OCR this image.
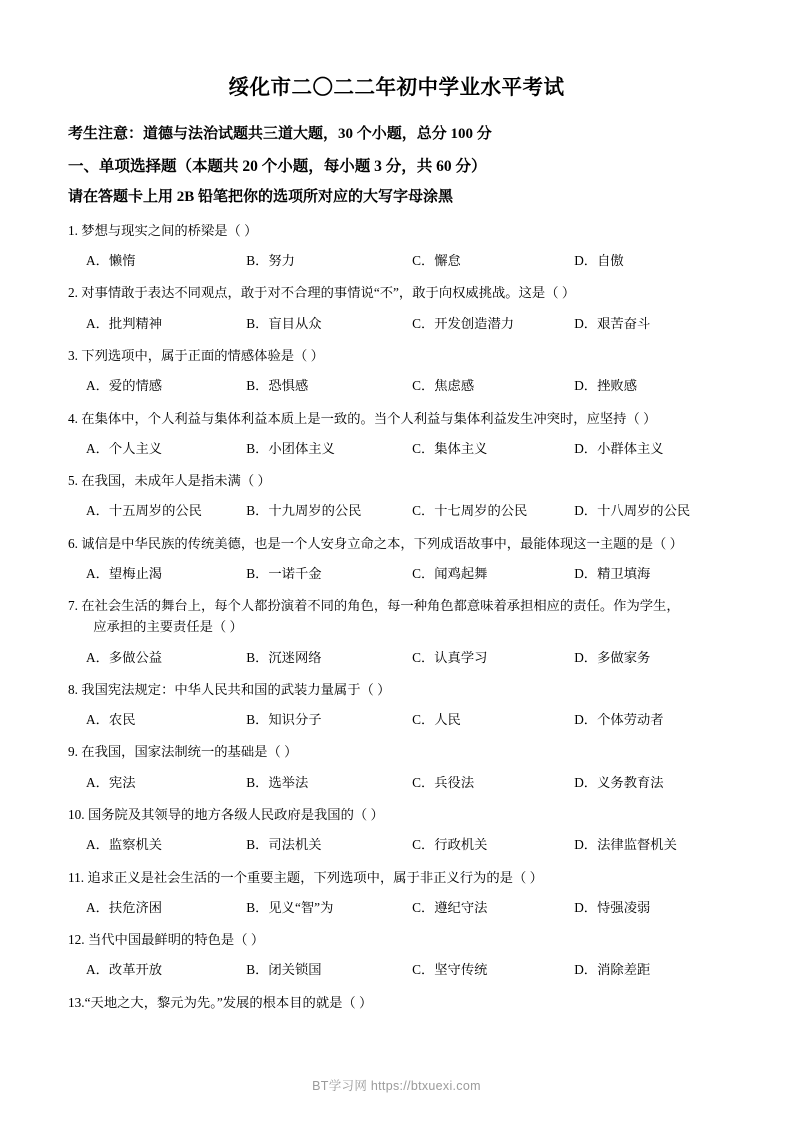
绥化市二〇二二年初中学业水平考试
考生注意：道德与法治试题共三道大题，30 个小题，总分 100 分
一、单项选择题（本题共 20 个小题，每小题 3 分，共 60 分）
请在答题卡上用 2B 铅笔把你的选项所对应的大写字母涂黑
1. 梦想与现实之间的桥梁是（ ）
A．懒惰	B．努力	C．懈怠	D．自傲
2. 对事情敢于表达不同观点，敢于对不合理的事情说“不”，敢于向权威挑战。这是（ ）
A．批判精神	B．盲目从众	C．开发创造潜力	D．艰苦奋斗
3. 下列选项中，属于正面的情感体验是（ ）
A．爱的情感	B．恐惧感	C．焦虑感	D．挫败感
4. 在集体中，个人利益与集体利益本质上是一致的。当个人利益与集体利益发生冲突时，应坚持（ ）
A．个人主义	B．小团体主义	C．集体主义	D．小群体主义
5. 在我国，未成年人是指未满（ ）
A．十五周岁的公民	B．十九周岁的公民	C．十七周岁的公民	D．十八周岁的公民
6. 诚信是中华民族的传统美德，也是一个人安身立命之本，下列成语故事中，最能体现这一主题的是（ ）
A．望梅止渴	B．一诺千金	C．闻鸡起舞	D．精卫填海
7. 在社会生活的舞台上，每个人都扮演着不同的角色，每一种角色都意味着承担相应的责任。作为学生，
应承担的主要责任是（ ）
A．多做公益	B．沉迷网络	C．认真学习	D．多做家务
8. 我国宪法规定：中华人民共和国的武装力量属于（ ）
A．农民	B．知识分子	C．人民	D．个体劳动者
9. 在我国，国家法制统一的基础是（ ）
A．宪法	B．选举法	C．兵役法	D．义务教育法
10. 国务院及其领导的地方各级人民政府是我国的（ ）
A．监察机关	B．司法机关	C．行政机关	D．法律监督机关
11. 追求正义是社会生活的一个重要主题，下列选项中，属于非正义行为的是（ ）
A．扶危济困	B．见义“智”为	C．遵纪守法	D．恃强凌弱
12. 当代中国最鲜明的特色是（ ）
A．改革开放	B．闭关锁国	C．坚守传统	D．消除差距
13.“天地之大，黎元为先。”发展的根本目的就是（ ）
BT学习网 https://btxuexi.com
